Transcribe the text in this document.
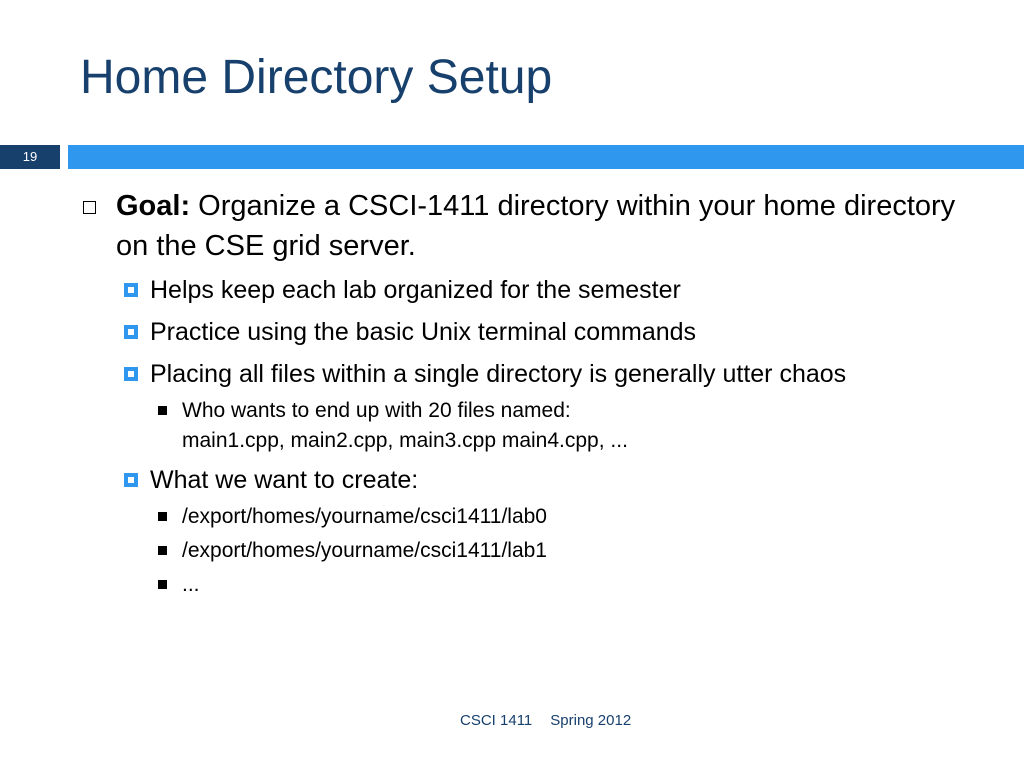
Home Directory Setup
19
Goal: Organize a CSCI-1411 directory within your home directory on the CSE grid server.
Helps keep each lab organized for the semester
Practice using the basic Unix terminal commands
Placing all files within a single directory is generally utter chaos
Who wants to end up with 20 files named:
main1.cpp, main2.cpp, main3.cpp main4.cpp, ...
What we want to create:
/export/homes/yourname/csci1411/lab0
/export/homes/yourname/csci1411/lab1
...
CSCI 1411 Spring 2012
